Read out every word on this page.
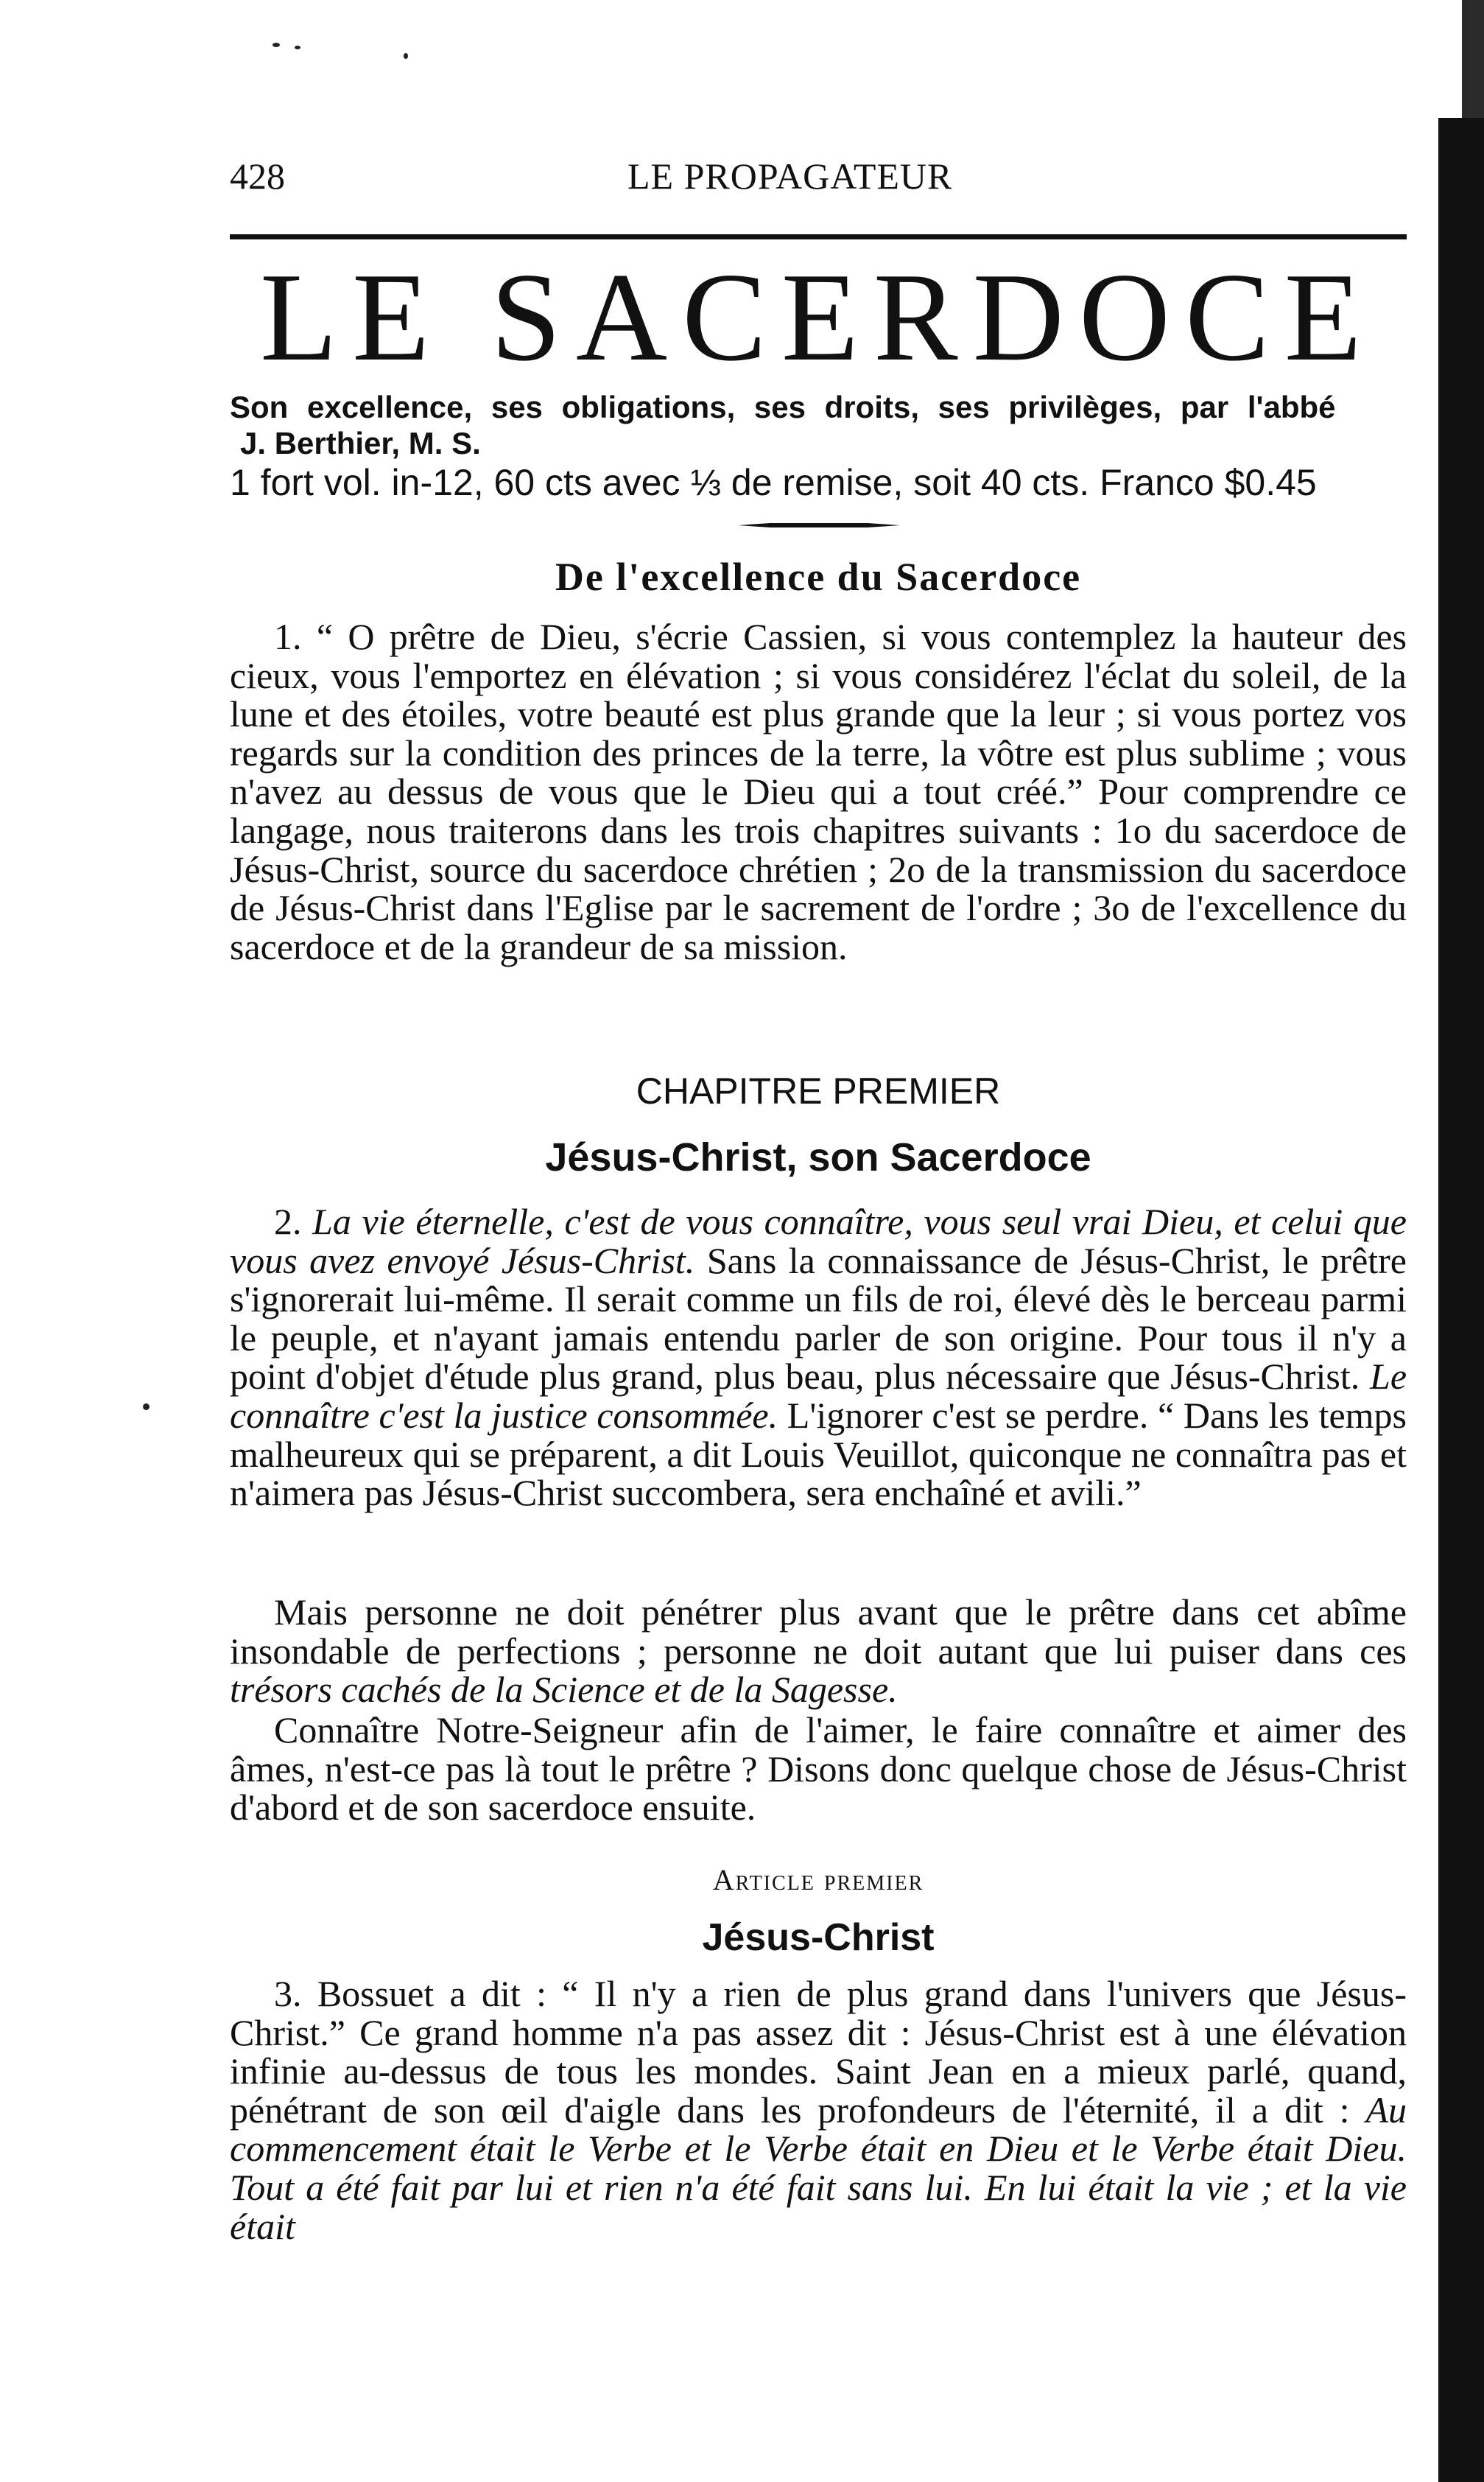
428	LE PROPAGATEUR
LE SACERDOCE
Son excellence, ses obligations, ses droits, ses privilèges, par l'abbé
J. Berthier, M. S.
1 fort vol. in-12, 60 cts avec ⅓ de remise, soit 40 cts. Franco $0.45
De l'excellence du Sacerdoce

1. “ O prêtre de Dieu, s'écrie Cassien, si vous contemplez la hauteur des cieux, vous l'emportez en élévation ; si vous considérez l'éclat du soleil, de la lune et des étoiles, votre beauté est plus grande que la leur ; si vous portez vos regards sur la condition des princes de la terre, la vôtre est plus sublime ; vous n'avez au dessus de vous que le Dieu qui a tout créé.” Pour comprendre ce langage, nous traiterons dans les trois chapitres suivants : 1o du sacerdoce de Jésus-Christ, source du sacerdoce chrétien ; 2o de la transmission du sacerdoce de Jésus-Christ dans l'Eglise par le sacrement de l'ordre ; 3o de l'excellence du sacerdoce et de la grandeur de sa mission.

CHAPITRE PREMIER
Jésus-Christ, son Sacerdoce

2. La vie éternelle, c'est de vous connaître, vous seul vrai Dieu, et celui que vous avez envoyé Jésus-Christ. Sans la connaissance de Jésus-Christ, le prêtre s'ignorerait lui-même. Il serait comme un fils de roi, élevé dès le berceau parmi le peuple, et n'ayant jamais entendu parler de son origine. Pour tous il n'y a point d'objet d'étude plus grand, plus beau, plus nécessaire que Jésus-Christ. Le connaître c'est la justice consommée. L'ignorer c'est se perdre. “ Dans les temps malheureux qui se préparent, a dit Louis Veuillot, quiconque ne connaîtra pas et n'aimera pas Jésus-Christ succombera, sera enchaîné et avili.”

Mais personne ne doit pénétrer plus avant que le prêtre dans cet abîme insondable de perfections ; personne ne doit autant que lui puiser dans ces trésors cachés de la Science et de la Sagesse.

Connaître Notre-Seigneur afin de l'aimer, le faire connaître et aimer des âmes, n'est-ce pas là tout le prêtre ? Disons donc quelque chose de Jésus-Christ d'abord et de son sacerdoce ensuite.

Article premier
Jésus-Christ

3. Bossuet a dit : “ Il n'y a rien de plus grand dans l'univers que Jésus-Christ.” Ce grand homme n'a pas assez dit : Jésus-Christ est à une élévation infinie au-dessus de tous les mondes. Saint Jean en a mieux parlé, quand, pénétrant de son œil d'aigle dans les profondeurs de l'éternité, il a dit : Au commencement était le Verbe et le Verbe était en Dieu et le Verbe était Dieu. Tout a été fait par lui et rien n'a été fait sans lui. En lui était la vie ; et la vie était
